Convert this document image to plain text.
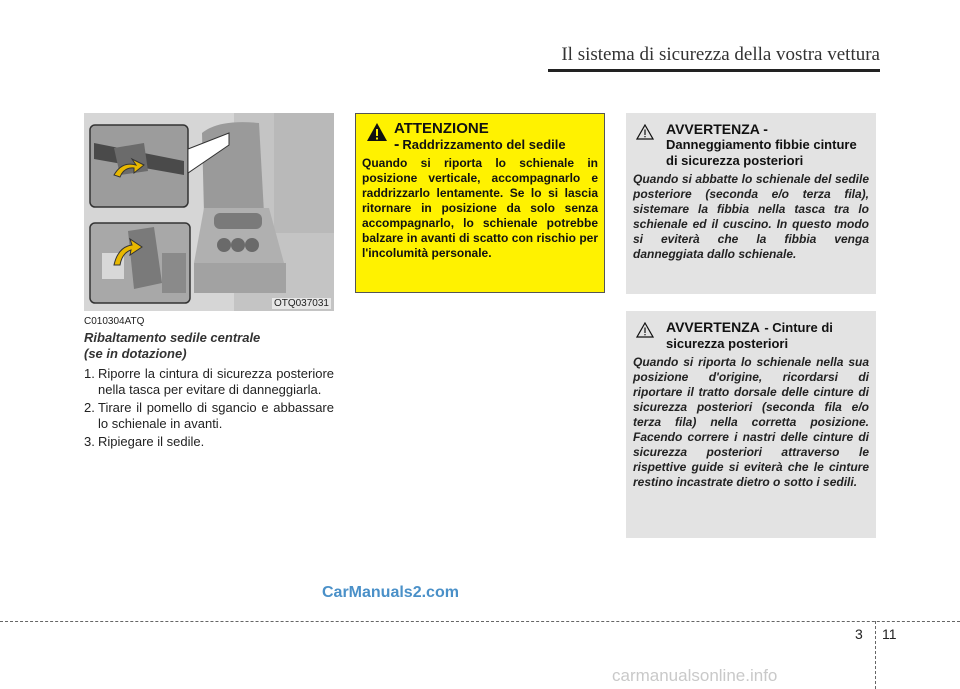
Il sistema di sicurezza della vostra vettura
OTQ037031
C010304ATQ
Ribaltamento sedile centrale
(se in dotazione)
1. Riporre la cintura di sicurezza posteriore nella tasca per evitare di danneggiarla.
2. Tirare il pomello di sgancio e abbassare lo schienale in avanti.
3. Ripiegare il sedile.
ATTENZIONE
- Raddrizzamento del sedile
Quando si riporta lo schienale in posizione verticale, accompagnarlo e raddrizzarlo lentamente. Se lo si lascia ritornare in posizione da solo senza accompagnarlo, lo schienale potrebbe balzare in avanti di scatto con rischio per l'incolumità personale.
AVVERTENZA -
Danneggiamento fibbie cinture di sicurezza posteriori
Quando si abbatte lo schienale del sedile posteriore (seconda e/o terza fila), sistemare la fibbia nella tasca tra lo schienale ed il cuscino. In questo modo si eviterà che la fibbia venga danneggiata dallo schienale.
AVVERTENZA - Cinture di sicurezza posteriori
Quando si riporta lo schienale nella sua posizione d'origine, ricordarsi di riportare il tratto dorsale delle cinture di sicurezza posteriori (seconda fila e/o terza fila) nella corretta posizione. Facendo correre i nastri delle cinture di sicurezza posteriori attraverso le rispettive guide si eviterà che le cinture restino incastrate dietro o sotto i sedili.
CarManuals2.com
3 11
carmanualsonline.info
